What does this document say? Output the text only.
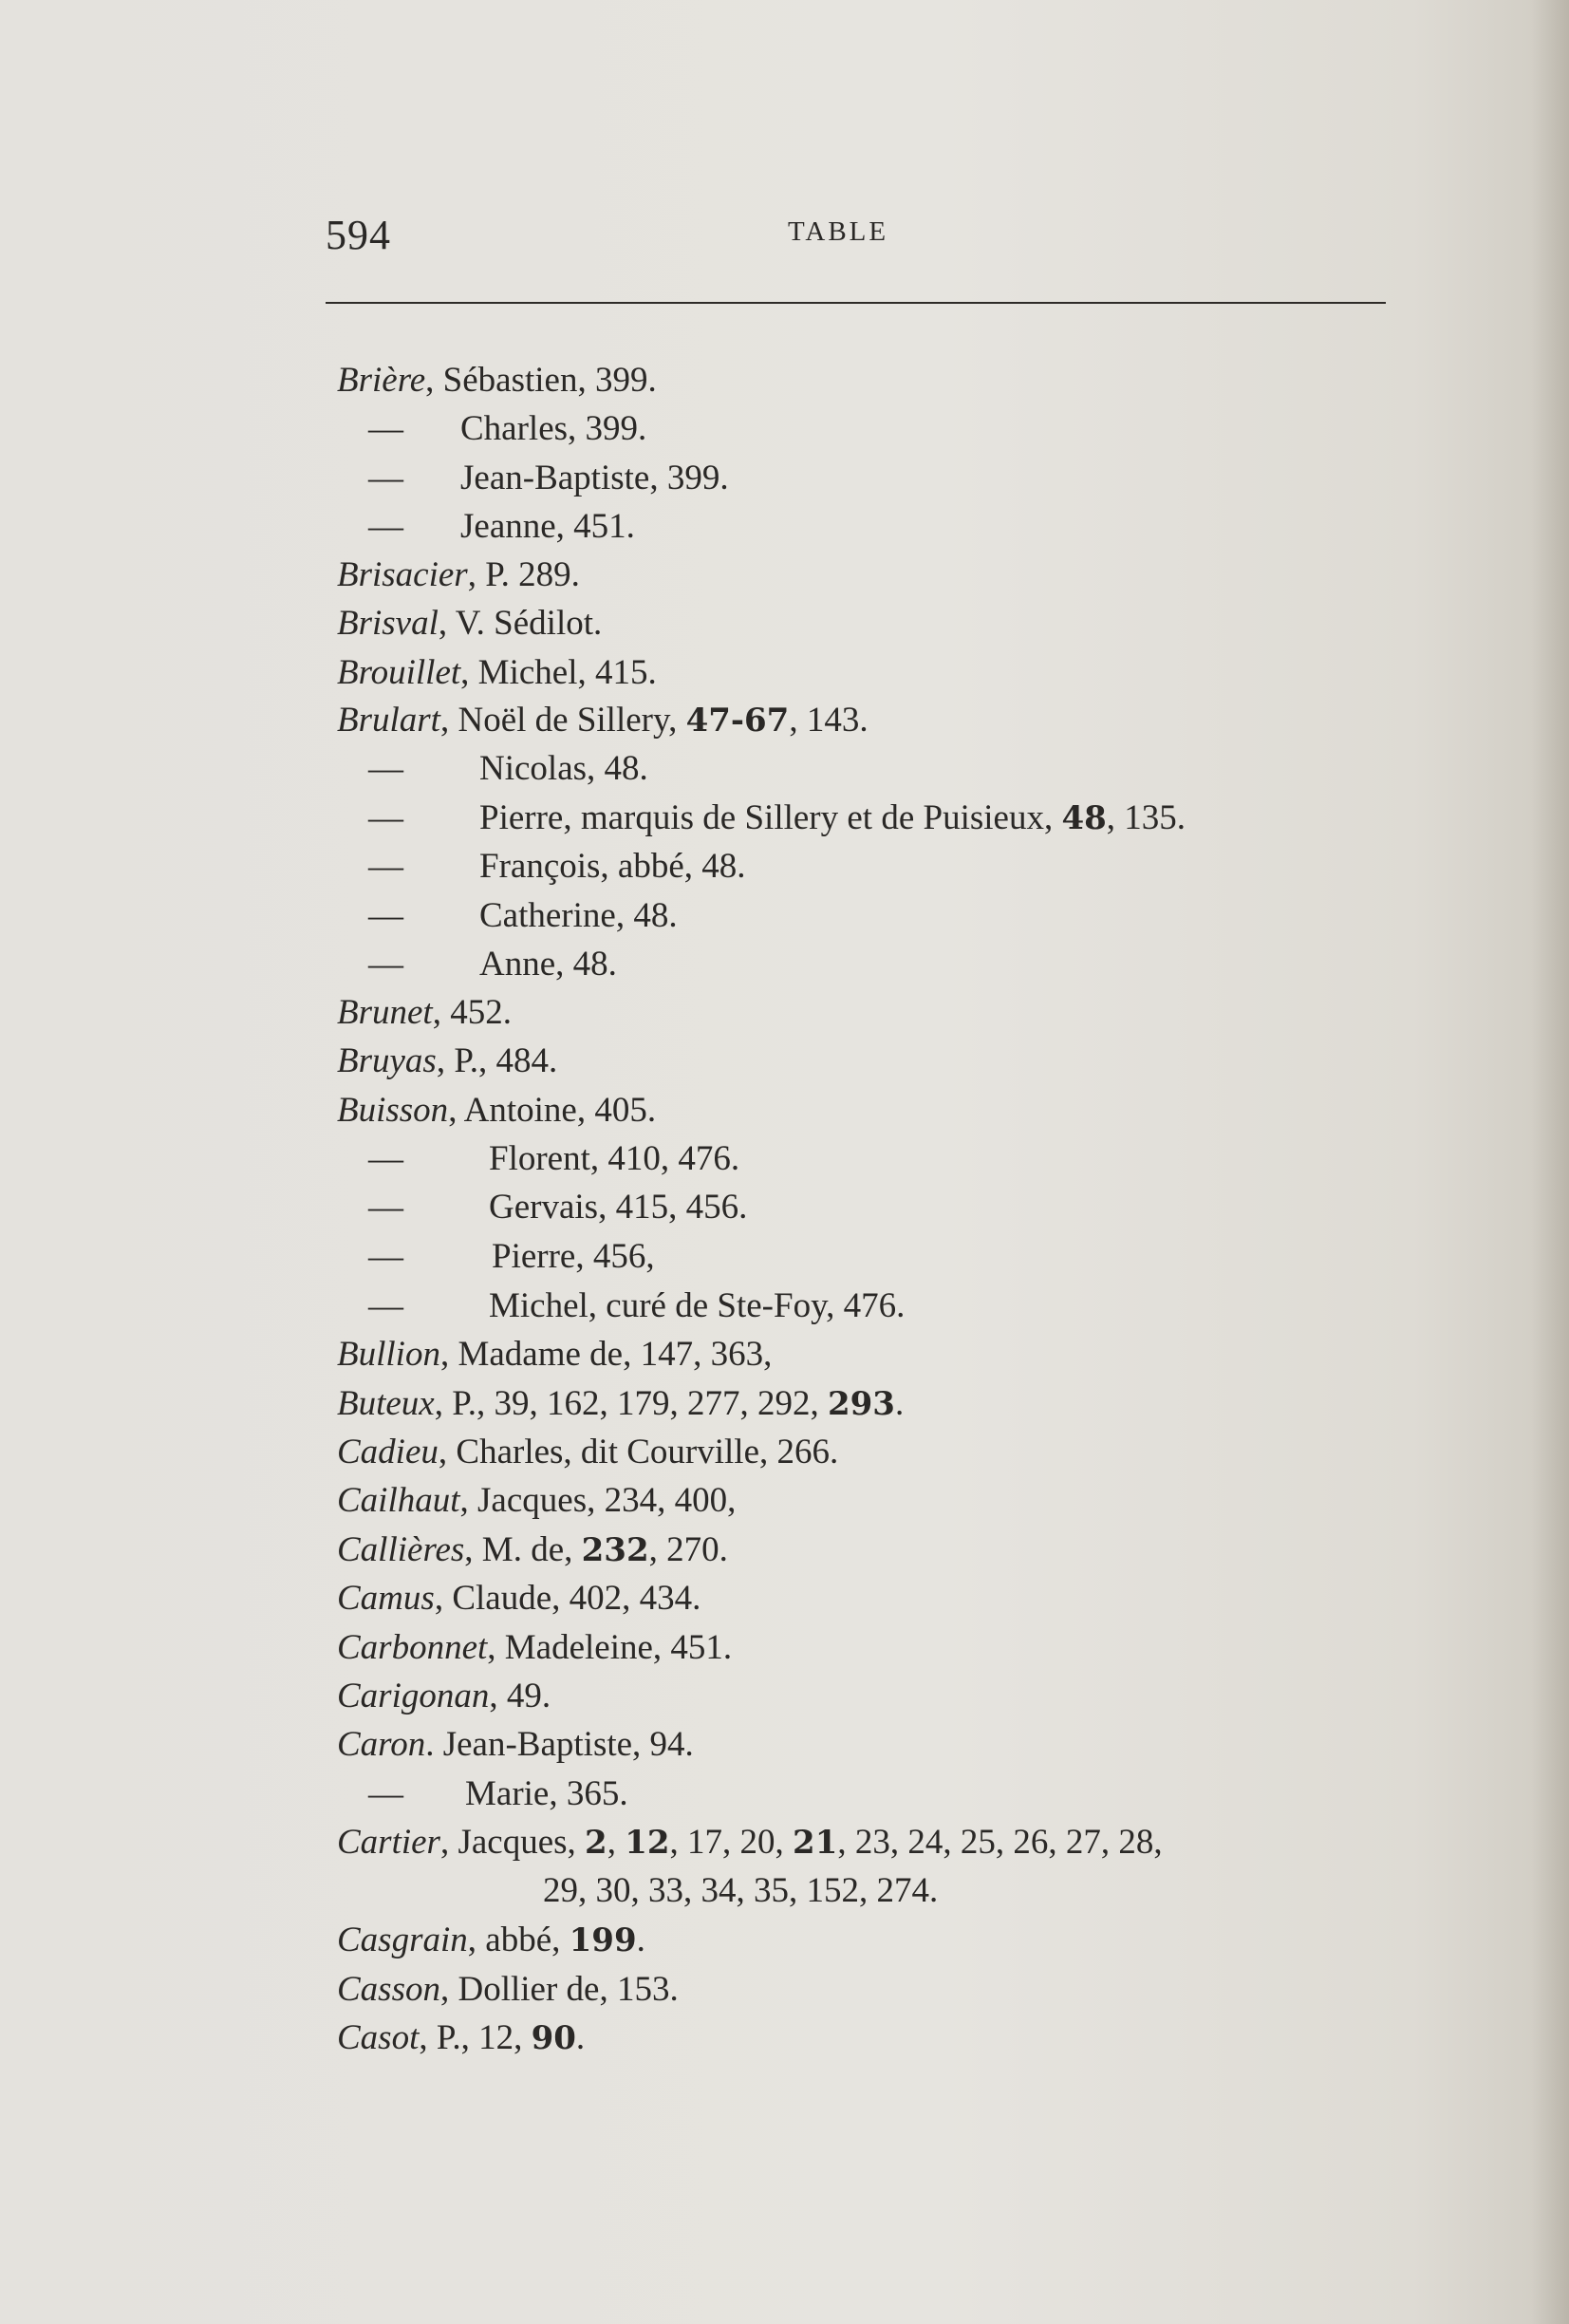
594	TABLE
Brière, Sébastien, 399.
— Charles, 399.
— Jean-Baptiste, 399.
— Jeanne, 451.
Brisacier, P. 289.
Brisval, V. Sédilot.
Brouillet, Michel, 415.
Brulart, Noël de Sillery, 47-67, 143.
— Nicolas, 48.
— Pierre, marquis de Sillery et de Puisieux, 48, 135.
— François, abbé, 48.
— Catherine, 48.
— Anne, 48.
Brunet, 452.
Bruyas, P., 484.
Buisson, Antoine, 405.
— Florent, 410, 476.
— Gervais, 415, 456.
—	Pierre, 456,
— Michel, curé de Ste-Foy, 476.
Bullion, Madame de, 147, 363,
Buteux, P., 39, 162, 179, 277, 292, 293.
Cadieu, Charles, dit Courville, 266.
Cailhaut, Jacques, 234, 400,
Callières, M. de, 232, 270.
Camus, Claude, 402, 434.
Carbonnet, Madeleine, 451.
Carigonan, 49.
Caron. Jean-Baptiste, 94.
— Marie, 365.
Cartier, Jacques, 2, 12, 17, 20, 21, 23, 24, 25, 26, 27, 28,
29, 30, 33, 34, 35, 152, 274.
Casgrain, abbé, 199.
Casson, Dollier de, 153.
Casot, P., 12, 90.
